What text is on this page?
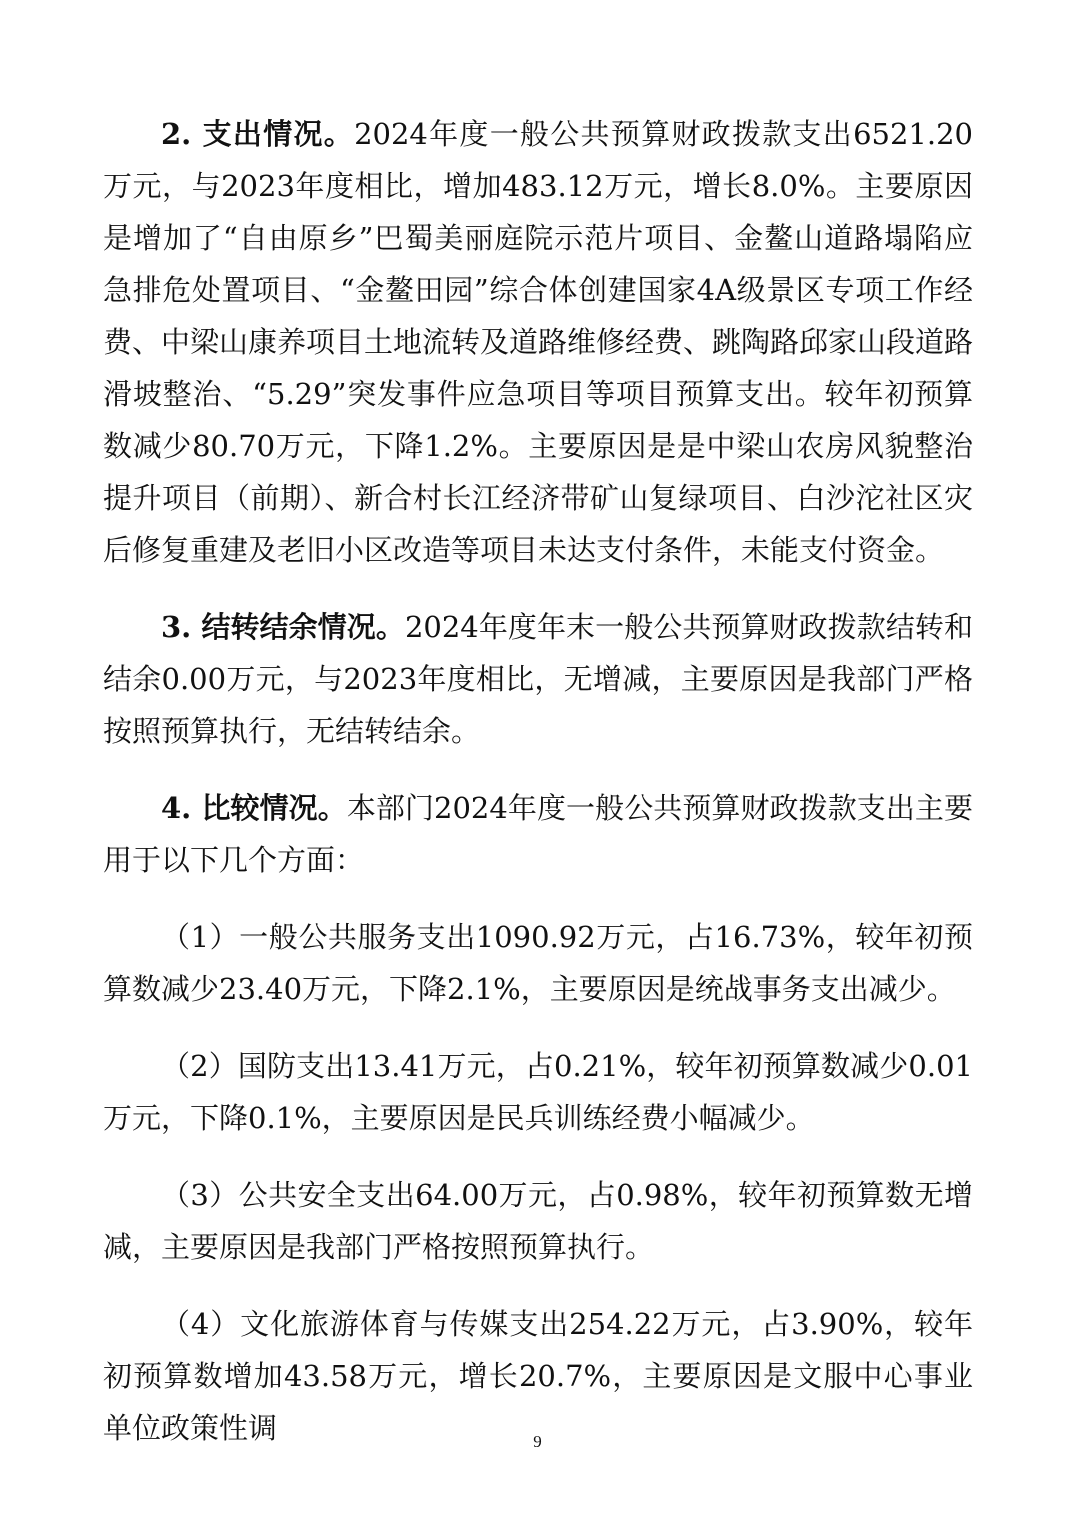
2. 支出情况。2024年度一般公共预算财政拨款支出6521.20万元，与2023年度相比，增加483.12万元，增长8.0%。主要原因是增加了“自由原乡”巴蜀美丽庭院示范片项目、金鳌山道路塌陷应急排危处置项目、“金鳌田园”综合体创建国家4A级景区专项工作经费、中梁山康养项目土地流转及道路维修经费、跳陶路邱家山段道路滑坡整治、“5.29”突发事件应急项目等项目预算支出。较年初预算数减少80.70万元，下降1.2%。主要原因是是中梁山农房风貌整治提升项目（前期）、新合村长江经济带矿山复绿项目、白沙沱社区灾后修复重建及老旧小区改造等项目未达支付条件，未能支付资金。

3. 结转结余情况。2024年度年末一般公共预算财政拨款结转和结余0.00万元，与2023年度相比，无增减，主要原因是我部门严格按照预算执行，无结转结余。

4. 比较情况。本部门2024年度一般公共预算财政拨款支出主要用于以下几个方面：

（1）一般公共服务支出1090.92万元，占16.73%，较年初预算数减少23.40万元，下降2.1%，主要原因是统战事务支出减少。

（2）国防支出13.41万元，占0.21%，较年初预算数减少0.01万元，下降0.1%，主要原因是民兵训练经费小幅减少。

（3）公共安全支出64.00万元，占0.98%，较年初预算数无增减，主要原因是我部门严格按照预算执行。

（4）文化旅游体育与传媒支出254.22万元，占3.90%，较年初预算数增加43.58万元，增长20.7%，主要原因是文服中心事业单位政策性调	9
